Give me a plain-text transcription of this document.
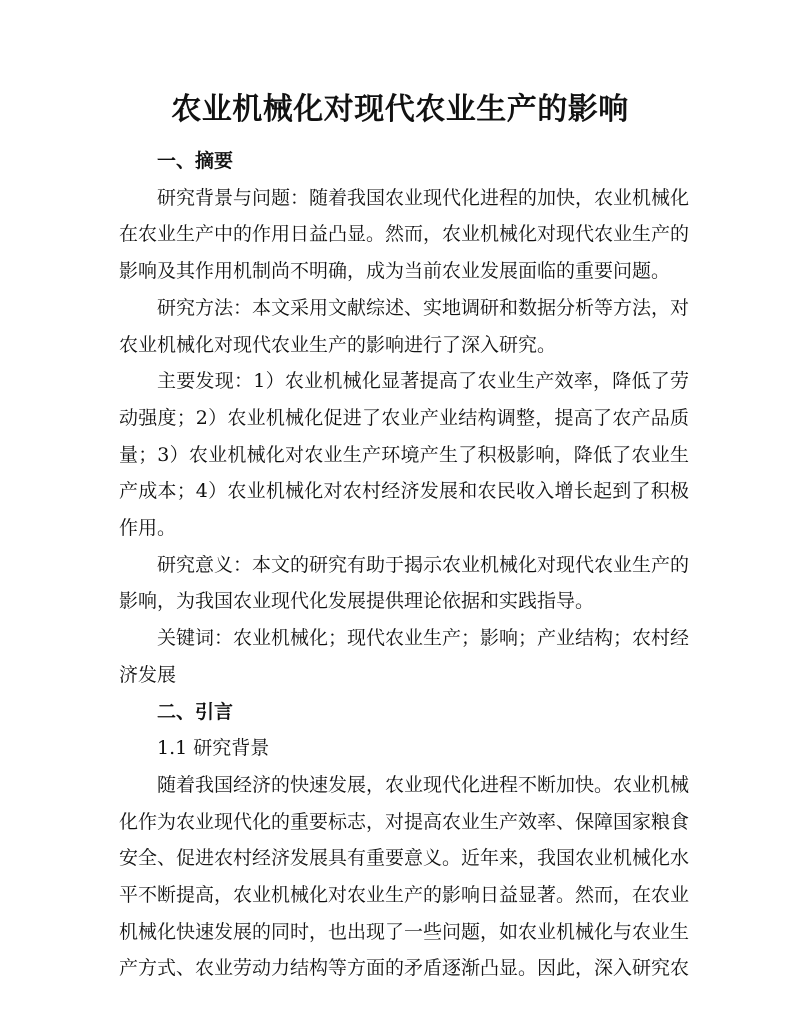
农业机械化对现代农业生产的影响

一、摘要

研究背景与问题：随着我国农业现代化进程的加快，农业机械化在农业生产中的作用日益凸显。然而，农业机械化对现代农业生产的影响及其作用机制尚不明确，成为当前农业发展面临的重要问题。

研究方法：本文采用文献综述、实地调研和数据分析等方法，对农业机械化对现代农业生产的影响进行了深入研究。

主要发现：1）农业机械化显著提高了农业生产效率，降低了劳动强度；2）农业机械化促进了农业产业结构调整，提高了农产品质量；3）农业机械化对农业生产环境产生了积极影响，降低了农业生产成本；4）农业机械化对农村经济发展和农民收入增长起到了积极作用。

研究意义：本文的研究有助于揭示农业机械化对现代农业生产的影响，为我国农业现代化发展提供理论依据和实践指导。

关键词：农业机械化；现代农业生产；影响；产业结构；农村经济发展

二、引言

1.1 研究背景

随着我国经济的快速发展，农业现代化进程不断加快。农业机械化作为农业现代化的重要标志，对提高农业生产效率、保障国家粮食安全、促进农村经济发展具有重要意义。近年来，我国农业机械化水平不断提高，农业机械化对农业生产的影响日益显著。然而，在农业机械化快速发展的同时，也出现了一些问题，如农业机械化与农业生产方式、农业劳动力结构等方面的矛盾逐渐凸显。因此，深入研究农
